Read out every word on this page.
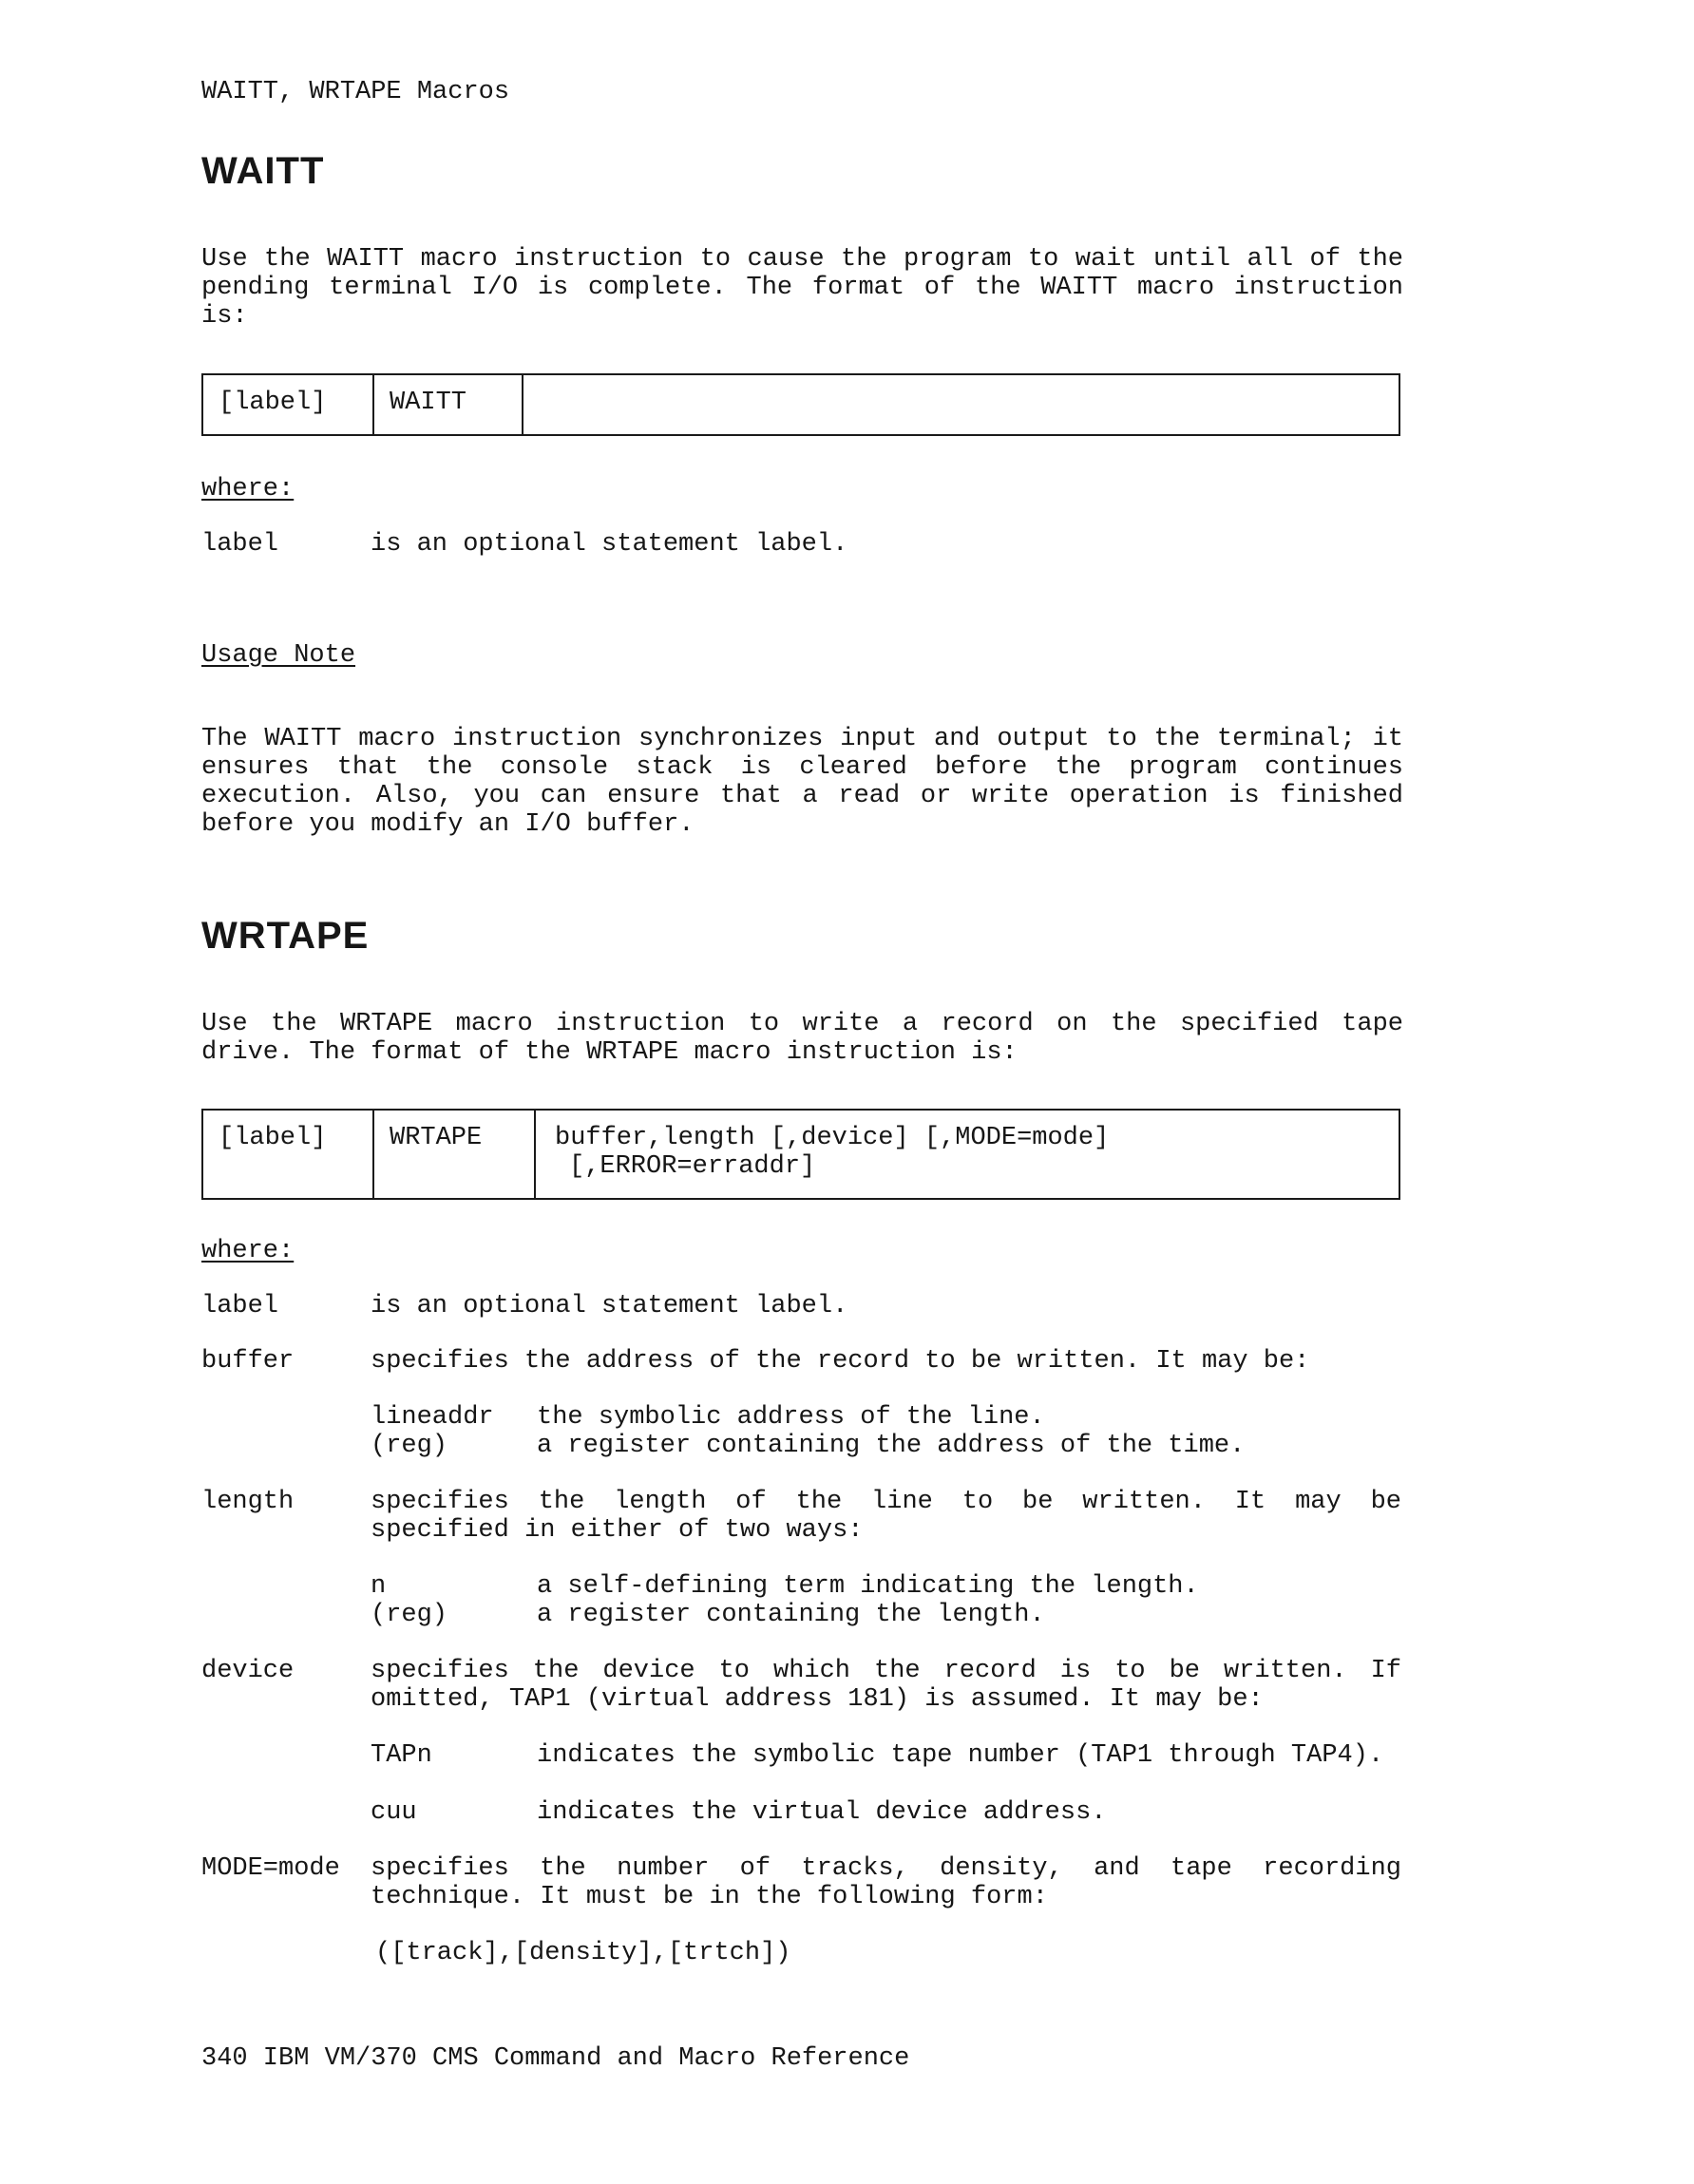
WAITT, WRTAPE Macros
WAITT
Use the WAITT macro instruction to cause the program to wait until all of the pending terminal I/O is complete. The format of the WAITT macro instruction is:
[label] WAITT
where:
label	is an optional statement label.
Usage Note
The WAITT macro instruction synchronizes input and output to the terminal; it ensures that the console stack is cleared before the program continues execution. Also, you can ensure that a read or write operation is finished before you modify an I/O buffer.
WRTAPE
Use the WRTAPE macro instruction to write a record on the specified tape drive. The format of the WRTAPE macro instruction is:
[label] WRTAPE	buffer,length [,device] [,MODE=mode]
[,ERROR=erraddr]
where:
label	is an optional statement label.
buffer	specifies the address of the record to be written. It may be:
lineaddr the symbolic address of the line.
(reg)	a register containing the address of the time.
length	specifies the length of the line to be written. It may be specified in either of two ways:
n	a self-defining term indicating the length.
(reg)	a register containing the length.
device	specifies the device to which the record is to be written. If omitted, TAP1 (virtual address 181) is assumed. It may be:
TAPn	indicates the symbolic tape number (TAP1 through TAP4).
cuu	indicates the virtual device address.
MODE=mode specifies the number of tracks, density, and tape recording technique. It must be in the following form:
([track],[density],[trtch])
340 IBM VM/370 CMS Command and Macro Reference
